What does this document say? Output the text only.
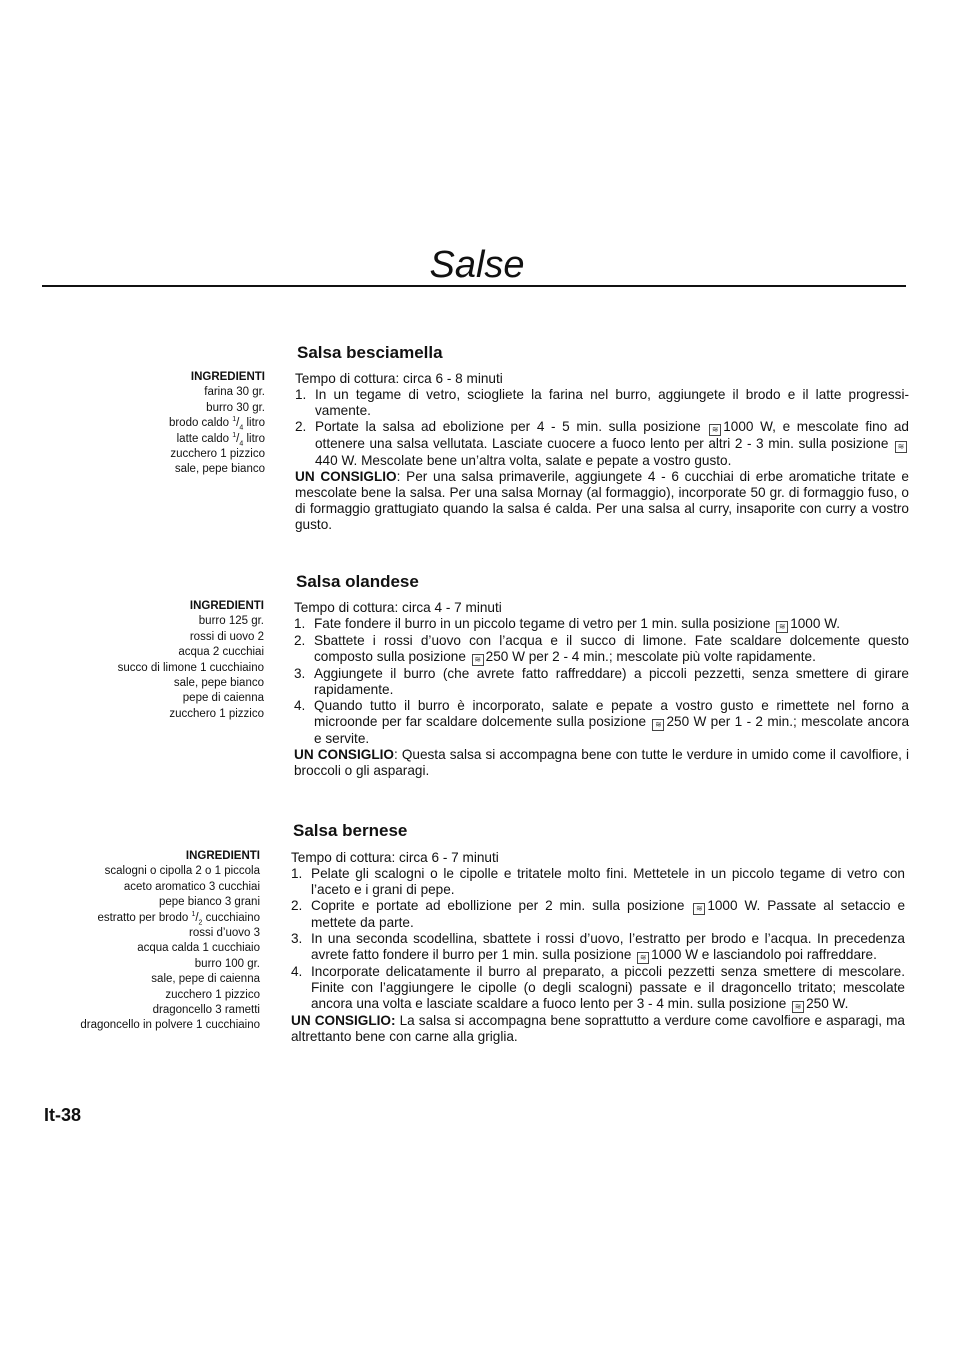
Salse
Salsa besciamella
INGREDIENTI
farina 30 gr.
burro 30 gr.
brodo caldo $^1/_4$ litro
latte caldo $^1/_4$ litro
zucchero 1 pizzico
sale, pepe bianco
Tempo di cottura: circa 6 - 8 minuti
1. In un tegame di vetro, sciogliete la farina nel burro, aggiungete il brodo e il latte progressi-vamente.
2. Portate la salsa ad ebolizione per 4 - 5 min. sulla posizione ≋ 1000 W, e mescolate fino ad ottenere una salsa vellutata. Lasciate cuocere a fuoco lento per altri 2 - 3 min. sulla posizione ≋440 W. Mescolate bene un’altra volta, salate e pepate a vostro gusto.
UN CONSIGLIO: Per una salsa primaverile, aggiungete 4 - 6 cucchiai di erbe aromatiche tritate e mescolate bene la salsa. Per una salsa Mornay (al formaggio), incorporate 50 gr. di formaggio fuso, o di formaggio grattugiato quando la salsa é calda. Per una salsa al curry, insaporite con curry a vostro gusto.
Salsa olandese
INGREDIENTI
burro 125 gr.
rossi di uovo 2
acqua 2 cucchiai
succo di limone 1 cucchiaino
sale, pepe bianco
pepe di caienna
zucchero 1 pizzico
Tempo di cottura: circa 4 - 7 minuti
1. Fate fondere il burro in un piccolo tegame di vetro per 1 min. sulla posizione ≋ 1000 W.
2. Sbattete i rossi d’uovo con l’acqua e il succo di limone. Fate scaldare dolcemente questo composto sulla posizione ≋ 250 W per 2 - 4 min.; mescolate più volte rapidamente.
3. Aggiungete il burro (che avrete fatto raffreddare) a piccoli pezzetti, senza smettere di girare rapidamente.
4. Quando tutto il burro è incorporato, salate e pepate a vostro gusto e rimettete nel forno a microonde per far scaldare dolcemente sulla posizione ≋ 250 W per 1 - 2 min.; mescolate ancora e servite.
UN CONSIGLIO: Questa salsa si accompagna bene con tutte le verdure in umido come il cavolfiore, i broccoli o gli asparagi.
Salsa bernese
INGREDIENTI
scalogni o cipolla 2 o 1 piccola
aceto aromatico 3 cucchiai
pepe bianco 3 grani
estratto per brodo $^1/_2$ cucchiaino
rossi d’uovo 3
acqua calda 1 cucchiaio
burro 100 gr.
sale, pepe di caienna
zucchero 1 pizzico
dragoncello 3 rametti
dragoncello in polvere 1 cucchiaino
Tempo di cottura: circa 6 - 7 minuti
1. Pelate gli scalogni o le cipolle e tritatele molto fini. Mettetele in un piccolo tegame di vetro con l’aceto e i grani di pepe.
2. Coprite e portate ad ebollizione per 2 min. sulla posizione ≋ 1000 W. Passate al setaccio e mettete da parte.
3. In una seconda scodellina, sbattete i rossi d’uovo, l’estratto per brodo e l’acqua. In precedenza avrete fatto fondere il burro per 1 min. sulla posizione ≋ 1000 W e lasciandolo poi raffreddare.
4. Incorporate delicatamente il burro al preparato, a piccoli pezzetti senza smettere di mescolare. Finite con l’aggiungere le cipolle (o degli scalogni) passate e il dragoncello tritato; mescolate ancora una volta e lasciate scaldare a fuoco lento per 3 - 4 min. sulla posizione ≋ 250 W.
UN CONSIGLIO: La salsa si accompagna bene soprattutto a verdure come cavolfiore e asparagi, ma altrettanto bene con carne alla griglia.
It-38
